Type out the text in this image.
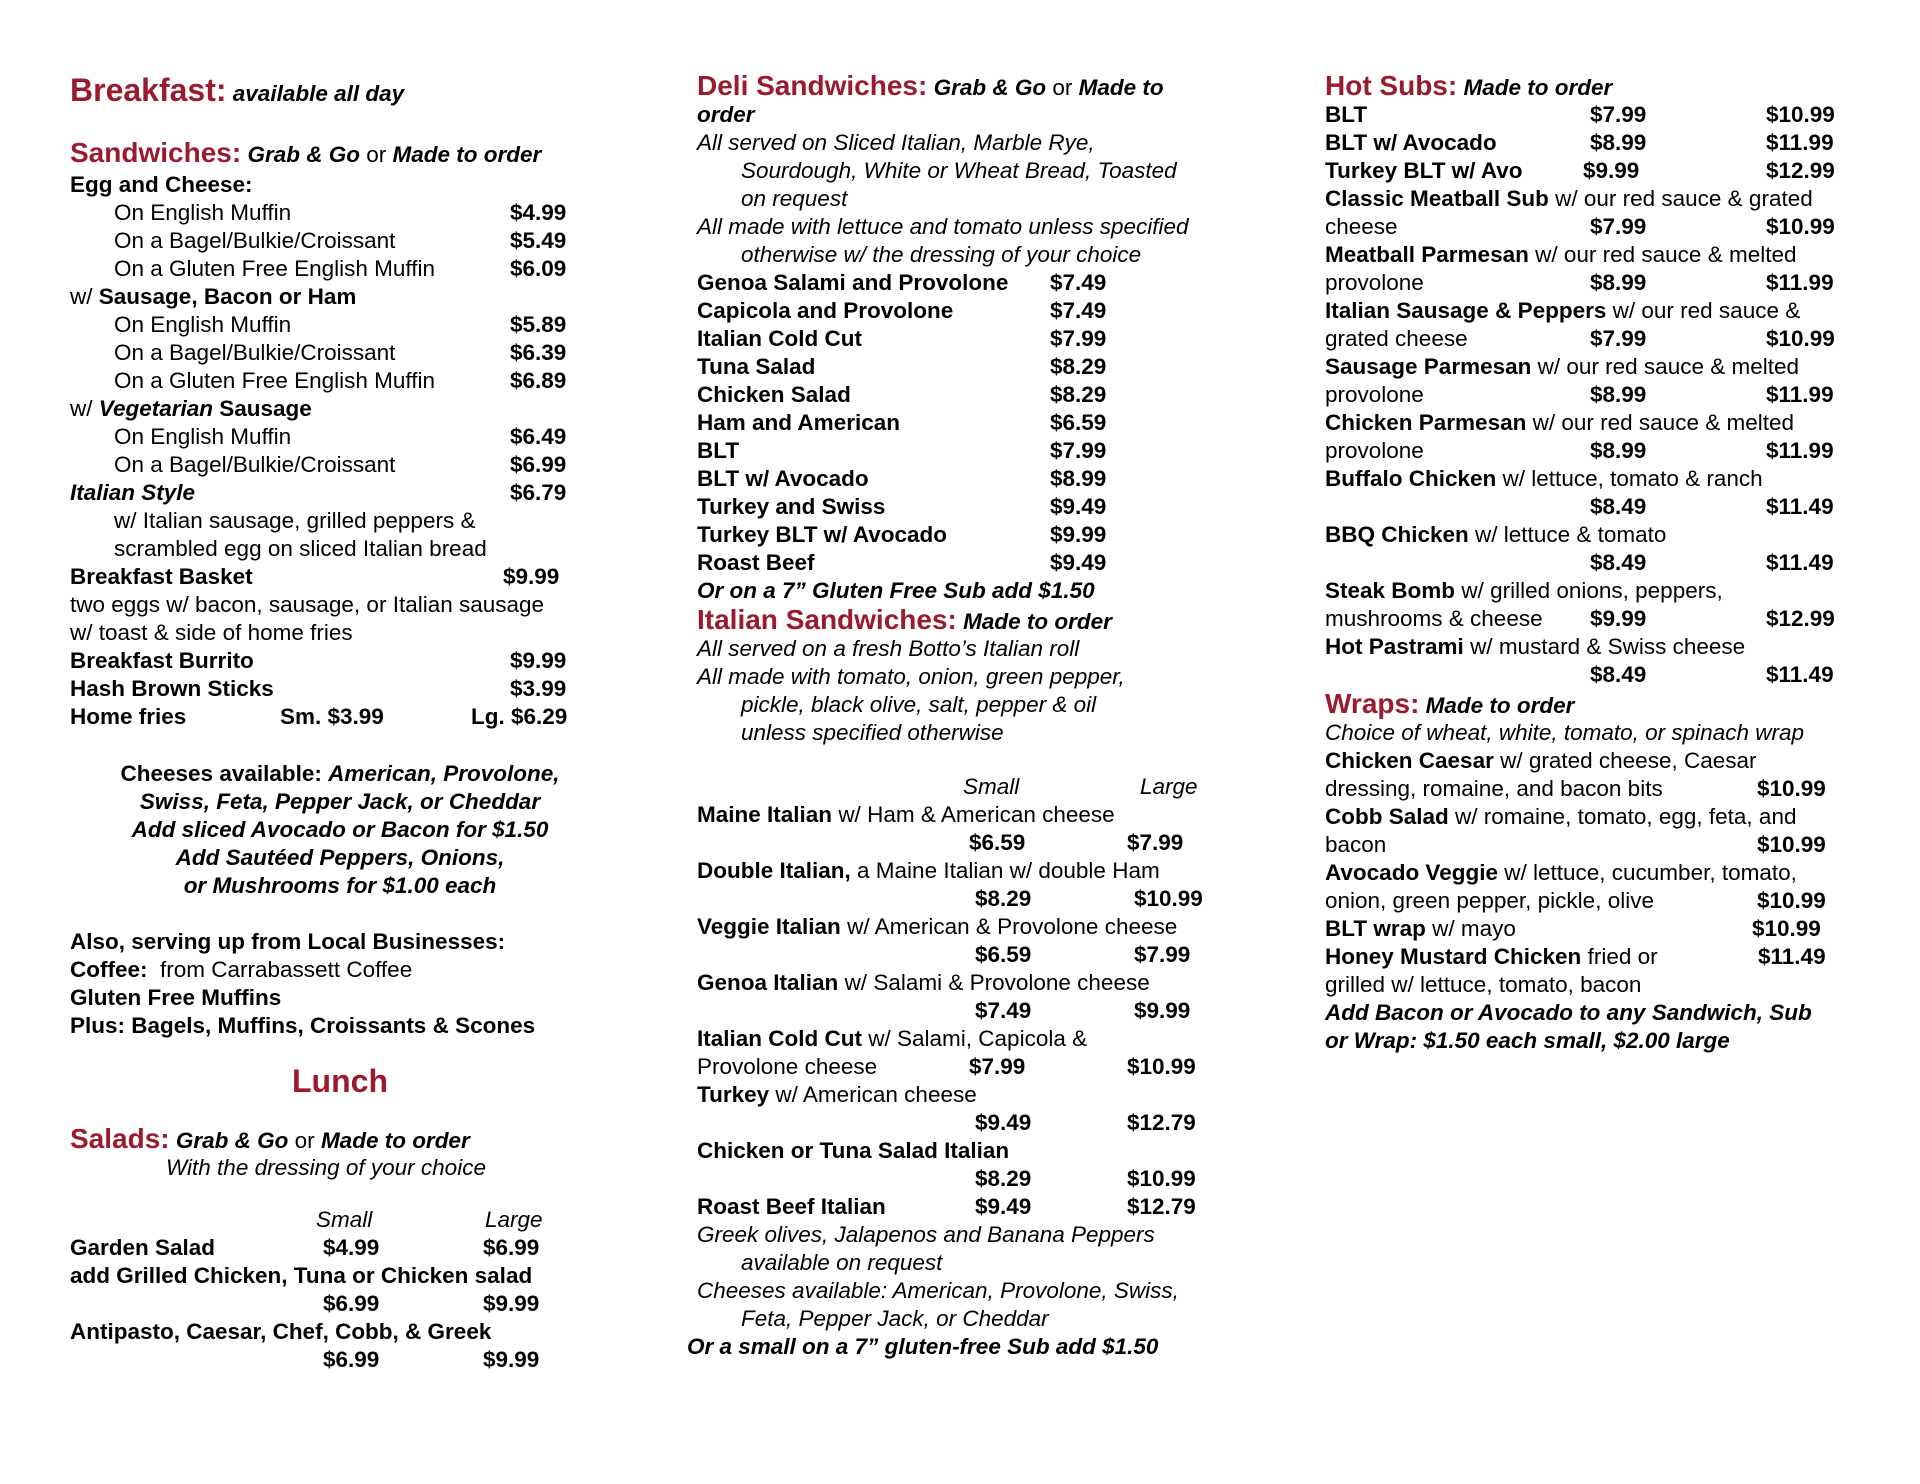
Breakfast: available all day
Sandwiches: Grab & Go or Made to order
Egg and Cheese:
On English Muffin	$4.99
On a Bagel/Bulkie/Croissant	$5.49
On a Gluten Free English Muffin	$6.09
w/ Sausage, Bacon or Ham
On English Muffin	$5.89
On a Bagel/Bulkie/Croissant	$6.39
On a Gluten Free English Muffin	$6.89
w/ Vegetarian Sausage
On English Muffin	$6.49
On a Bagel/Bulkie/Croissant	$6.99
Italian Style	$6.79
w/ Italian sausage, grilled peppers &
scrambled egg on sliced Italian bread
Breakfast Basket	$9.99
two eggs w/ bacon, sausage, or Italian sausage
w/ toast & side of home fries
Breakfast Burrito	$9.99
Hash Brown Sticks	$3.99
Home fries	Sm. $3.99	Lg. $6.29
Cheeses available: American, Provolone,
Swiss, Feta, Pepper Jack, or Cheddar
Add sliced Avocado or Bacon for $1.50
Add Sautéed Peppers, Onions,
or Mushrooms for $1.00 each
Also, serving up from Local Businesses:
Coffee: from Carrabassett Coffee
Gluten Free Muffins
Plus: Bagels, Muffins, Croissants & Scones
Lunch
Salads: Grab & Go or Made to order
With the dressing of your choice
Small	Large
Garden Salad	$4.99	$6.99
add Grilled Chicken, Tuna or Chicken salad
$6.99	$9.99
Antipasto, Caesar, Chef, Cobb, & Greek
$6.99	$9.99
Deli Sandwiches: Grab & Go or Made to
order
All served on Sliced Italian, Marble Rye,
Sourdough, White or Wheat Bread, Toasted
on request
All made with lettuce and tomato unless specified
otherwise w/ the dressing of your choice
Genoa Salami and Provolone $7.49
Capicola and Provolone	$7.49
Italian Cold Cut	$7.99
Tuna Salad	$8.29
Chicken Salad	$8.29
Ham and American	$6.59
BLT	$7.99
BLT w/ Avocado	$8.99
Turkey and Swiss	$9.49
Turkey BLT w/ Avocado	$9.99
Roast Beef	$9.49
Or on a 7” Gluten Free Sub add $1.50
Italian Sandwiches: Made to order
All served on a fresh Botto’s Italian roll
All made with tomato, onion, green pepper,
pickle, black olive, salt, pepper & oil
unless specified otherwise
Small	Large
Maine Italian w/ Ham & American cheese
$6.59	$7.99
Double Italian, a Maine Italian w/ double Ham
$8.29	$10.99
Veggie Italian w/ American & Provolone cheese
$6.59	$7.99
Genoa Italian w/ Salami & Provolone cheese
$7.49	$9.99
Italian Cold Cut w/ Salami, Capicola &
Provolone cheese	$7.99	$10.99
Turkey w/ American cheese
$9.49	$12.79
Chicken or Tuna Salad Italian
$8.29	$10.99
Roast Beef Italian	$9.49	$12.79
Greek olives, Jalapenos and Banana Peppers
available on request
Cheeses available: American, Provolone, Swiss,
Feta, Pepper Jack, or Cheddar
Or a small on a 7” gluten-free Sub add $1.50
Hot Subs: Made to order
BLT	$7.99	$10.99
BLT w/ Avocado	$8.99	$11.99
Turkey BLT w/ Avo	$9.99	$12.99
Classic Meatball Sub w/ our red sauce & grated
cheese	$7.99	$10.99
Meatball Parmesan w/ our red sauce & melted
provolone	$8.99	$11.99
Italian Sausage & Peppers w/ our red sauce &
grated cheese	$7.99	$10.99
Sausage Parmesan w/ our red sauce & melted
provolone	$8.99	$11.99
Chicken Parmesan w/ our red sauce & melted
provolone	$8.99	$11.99
Buffalo Chicken w/ lettuce, tomato & ranch
$8.49	$11.49
BBQ Chicken w/ lettuce & tomato
$8.49	$11.49
Steak Bomb w/ grilled onions, peppers,
mushrooms & cheese $9.99	$12.99
Hot Pastrami w/ mustard & Swiss cheese
$8.49	$11.49
Wraps: Made to order
Choice of wheat, white, tomato, or spinach wrap
Chicken Caesar w/ grated cheese, Caesar
dressing, romaine, and bacon bits	$10.99
Cobb Salad w/ romaine, tomato, egg, feta, and
bacon	$10.99
Avocado Veggie w/ lettuce, cucumber, tomato,
onion, green pepper, pickle, olive	$10.99
BLT wrap w/ mayo	$10.99
Honey Mustard Chicken fried or	$11.49
grilled w/ lettuce, tomato, bacon
Add Bacon or Avocado to any Sandwich, Sub
or Wrap: $1.50 each small, $2.00 large
